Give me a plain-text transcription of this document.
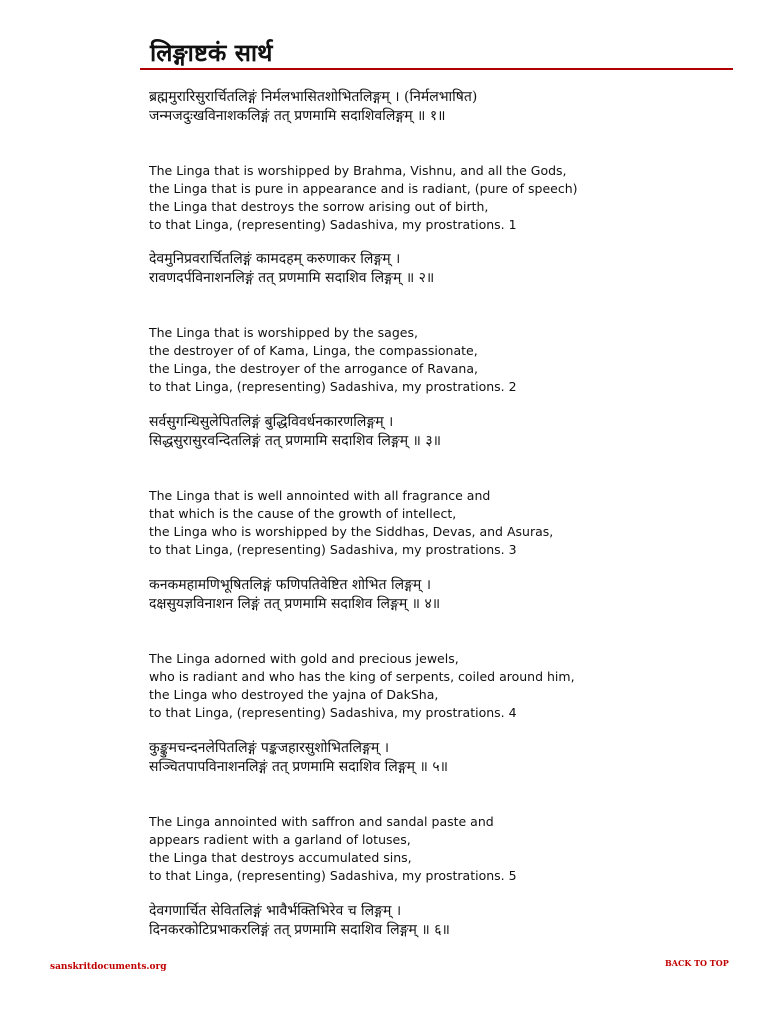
लिङ्गाष्टकं सार्थ
ब्रह्ममुरारिसुरार्चितलिङ्गं निर्मलभासितशोभितलिङ्गम् । (निर्मलभाषित)
जन्मजदुःखविनाशकलिङ्गं तत् प्रणमामि सदाशिवलिङ्गम् ॥ १॥
The Linga that is worshipped by Brahma, Vishnu, and all the Gods,
the Linga that is pure in appearance and is radiant, (pure of speech)
the Linga that destroys the sorrow arising out of birth,
to that Linga, (representing) Sadashiva, my prostrations. 1
देवमुनिप्रवरार्चितलिङ्गं कामदहम् करुणाकर लिङ्गम् ।
रावणदर्पविनाशनलिङ्गं तत् प्रणमामि सदाशिव लिङ्गम् ॥ २॥
The Linga that is worshipped by the sages,
the destroyer of of Kama, Linga, the compassionate,
the Linga, the destroyer of the arrogance of Ravana,
to that Linga, (representing) Sadashiva, my prostrations. 2
सर्वसुगन्धिसुलेपितलिङ्गं बुद्धिविवर्धनकारणलिङ्गम् ।
सिद्धसुरासुरवन्दितलिङ्गं तत् प्रणमामि सदाशिव लिङ्गम् ॥ ३॥
The Linga that is well annointed with all fragrance and
that which is the cause of the growth of intellect,
the Linga who is worshipped by the Siddhas, Devas, and Asuras,
to that Linga, (representing) Sadashiva, my prostrations. 3
कनकमहामणिभूषितलिङ्गं फणिपतिवेष्टित शोभित लिङ्गम् ।
दक्षसुयज्ञविनाशन लिङ्गं तत् प्रणमामि सदाशिव लिङ्गम् ॥ ४॥
The Linga adorned with gold and precious jewels,
who is radiant and who has the king of serpents, coiled around him,
the Linga who destroyed the yajna of DakSha,
to that Linga, (representing) Sadashiva, my prostrations. 4
कुङ्कुमचन्दनलेपितलिङ्गं पङ्कजहारसुशोभितलिङ्गम् ।
सञ्चितपापविनाशनलिङ्गं तत् प्रणमामि सदाशिव लिङ्गम् ॥ ५॥
The Linga annointed with saffron and sandal paste and
appears radient with a garland of lotuses,
the Linga that destroys accumulated sins,
to that Linga, (representing) Sadashiva, my prostrations. 5
देवगणार्चित सेवितलिङ्गं भावैर्भक्तिभिरेव च लिङ्गम् ।
दिनकरकोटिप्रभाकरलिङ्गं तत् प्रणमामि सदाशिव लिङ्गम् ॥ ६॥
sanskritdocuments.org	BACK TO TOP
